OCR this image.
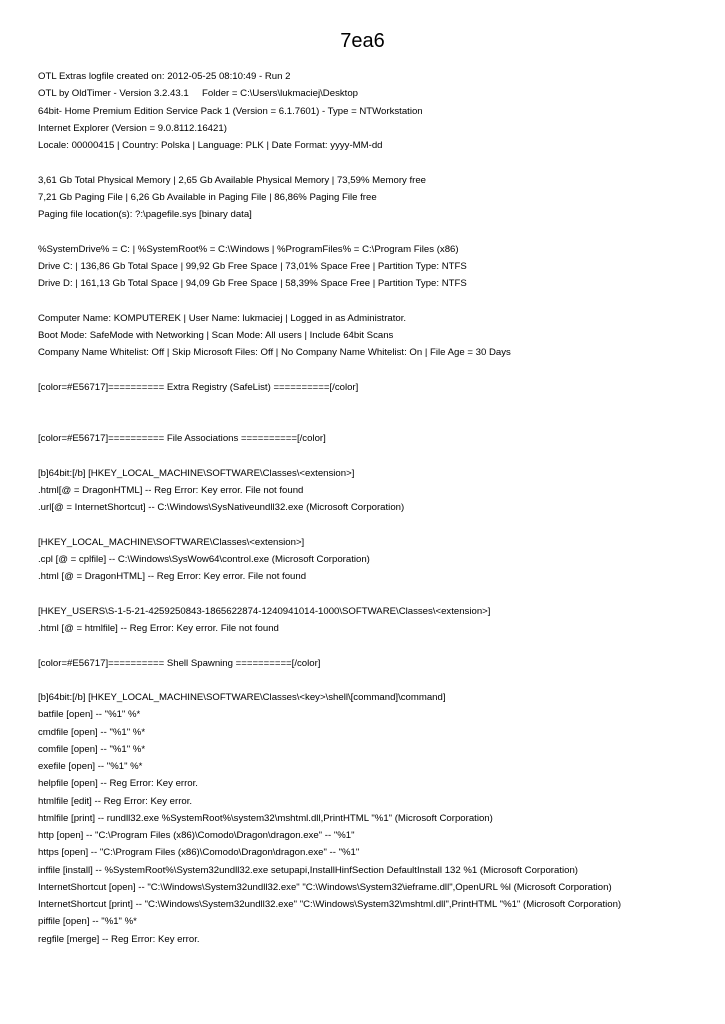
7ea6
OTL Extras logfile created on: 2012-05-25 08:10:49 - Run 2
OTL by OldTimer - Version 3.2.43.1     Folder = C:\Users\lukmaciej\Desktop
64bit- Home Premium Edition Service Pack 1 (Version = 6.1.7601) - Type = NTWorkstation
Internet Explorer (Version = 9.0.8112.16421)
Locale: 00000415 | Country: Polska | Language: PLK | Date Format: yyyy-MM-dd
3,61 Gb Total Physical Memory | 2,65 Gb Available Physical Memory | 73,59% Memory free
7,21 Gb Paging File | 6,26 Gb Available in Paging File | 86,86% Paging File free
Paging file location(s): ?:\pagefile.sys [binary data]
%SystemDrive% = C: | %SystemRoot% = C:\Windows | %ProgramFiles% = C:\Program Files (x86)
Drive C: | 136,86 Gb Total Space | 99,92 Gb Free Space | 73,01% Space Free | Partition Type: NTFS
Drive D: | 161,13 Gb Total Space | 94,09 Gb Free Space | 58,39% Space Free | Partition Type: NTFS
Computer Name: KOMPUTEREK | User Name: lukmaciej | Logged in as Administrator.
Boot Mode: SafeMode with Networking | Scan Mode: All users | Include 64bit Scans
Company Name Whitelist: Off | Skip Microsoft Files: Off | No Company Name Whitelist: On | File Age = 30 Days
[color=#E56717]========== Extra Registry (SafeList) ==========[/color]
[color=#E56717]========== File Associations ==========[/color]
[b]64bit:[/b] [HKEY_LOCAL_MACHINE\SOFTWARE\Classes\<extension>]
.html[@ = DragonHTML] -- Reg Error: Key error. File not found
.url[@ = InternetShortcut] -- C:\Windows\SysNativeundll32.exe (Microsoft Corporation)
[HKEY_LOCAL_MACHINE\SOFTWARE\Classes\<extension>]
.cpl [@ = cplfile] -- C:\Windows\SysWow64\control.exe (Microsoft Corporation)
.html [@ = DragonHTML] -- Reg Error: Key error. File not found
[HKEY_USERS\S-1-5-21-4259250843-1865622874-1240941014-1000\SOFTWARE\Classes\<extension>]
.html [@ = htmlfile] -- Reg Error: Key error. File not found
[color=#E56717]========== Shell Spawning ==========[/color]
[b]64bit:[/b] [HKEY_LOCAL_MACHINE\SOFTWARE\Classes\<key>\shell\[command]\command]
batfile [open] -- "%1" %*
cmdfile [open] -- "%1" %*
comfile [open] -- "%1" %*
exefile [open] -- "%1" %*
helpfile [open] -- Reg Error: Key error.
htmlfile [edit] -- Reg Error: Key error.
htmlfile [print] -- rundll32.exe %SystemRoot%\system32\mshtml.dll,PrintHTML "%1" (Microsoft Corporation)
http [open] -- "C:\Program Files (x86)\Comodo\Dragon\dragon.exe" -- "%1"
https [open] -- "C:\Program Files (x86)\Comodo\Dragon\dragon.exe" -- "%1"
inffile [install] -- %SystemRoot%\System32undll32.exe setupapi,InstallHinfSection DefaultInstall 132 %1 (Microsoft Corporation)
InternetShortcut [open] -- "C:\Windows\System32undll32.exe" "C:\Windows\System32\ieframe.dll",OpenURL %l (Microsoft Corporation)
InternetShortcut [print] -- "C:\Windows\System32undll32.exe" "C:\Windows\System32\mshtml.dll",PrintHTML "%1" (Microsoft Corporation)
piffile [open] -- "%1" %*
regfile [merge] -- Reg Error: Key error.
